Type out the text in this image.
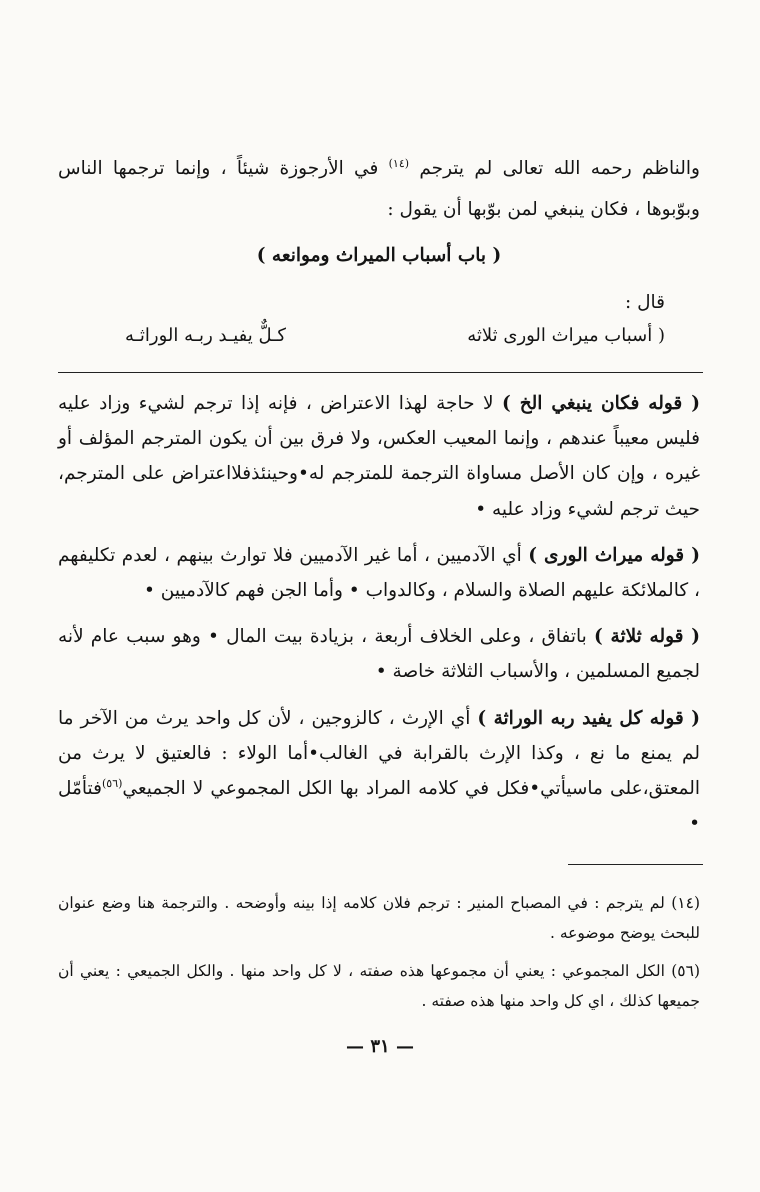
والناظم رحمه الله تعالى لم يترجم $^{(١٤)}$ في الأرجوزة شيئاً ، وإنما ترجمها الناس وبوّبوها ، فكان ينبغي لمن بوّبها أن يقول :
( باب أسباب الميراث وموانعه )
قال :
( أسباب ميراث الورى ثلاثه
كـلٌّ يفيـد ربـه الوراثـه

( قوله فكان ينبغي الخ ) لا حاجة لهذا الاعتراض ، فإنه إذا ترجم لشيء وزاد عليه فليس معيباً عندهم ، وإنما المعيب العكس، ولا فرق بين أن يكون المترجم المؤلف أو غيره ، وإن كان الأصل مساواة الترجمة للمترجم له•وحينئذفلااعتراض على المترجم، حيث ترجم لشيء وزاد عليه •

( قوله ميراث الورى ) أي الآدميين ، أما غير الآدميين فلا توارث بينهم ، لعدم تكليفهم ، كالملائكة عليهم الصلاة والسلام ، وكالدواب • وأما الجن فهم كالآدميين •

( قوله ثلاثة ) باتفاق ، وعلى الخلاف أربعة ، بزيادة بيت المال • وهو سبب عام لأنه لجميع المسلمين ، والأسباب الثلاثة خاصة •

( قوله كل يفيد ربه الوراثة ) أي الإرث ، كالزوجين ، لأن كل واحد يرث من الآخر ما لم يمنع ما نع ، وكذا الإرث بالقرابة في الغالب•أما الولاء : فالعتيق لا يرث من المعتق،على ماسيأتي•فكل في كلامه المراد بها الكل المجموعي لا الجميعي$^{(٥٦)}$فتأمّل •

(١٤) لم يترجم : في المصباح المنير : ترجم فلان كلامه إذا بينه وأوضحه . والترجمة هنا وضع عنوان للبحث يوضح موضوعه .

(٥٦) الكل المجموعي : يعني أن مجموعها هذه صفته ، لا كل واحد منها . والكل الجميعي : يعني أن جميعها كذلك ، اي كل واحد منها هذه صفته .

— ٣١ —
